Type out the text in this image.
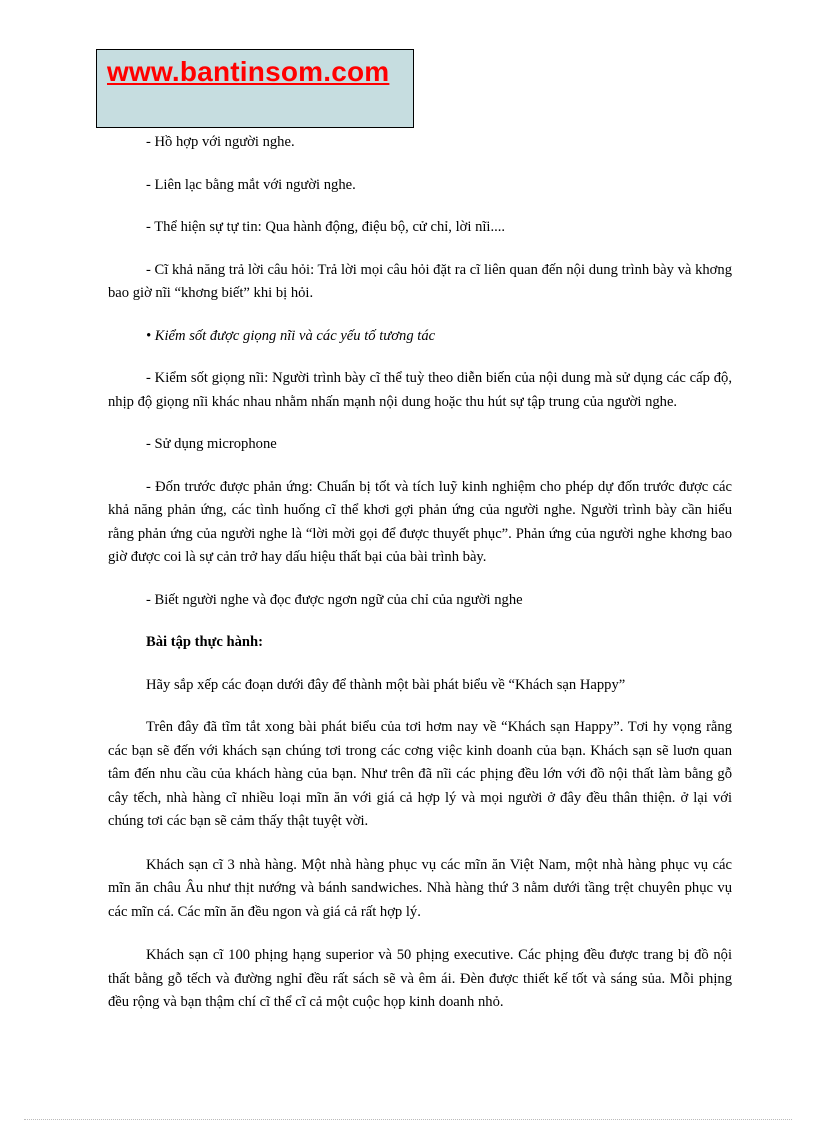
www.bantinsom.com

- Hồ hợp với người nghe.

- Liên lạc bằng mắt với người nghe.

- Thể hiện sự tự tin: Qua hành động, điệu bộ, cử chỉ, lời nĩi....

- Cĩ khả năng trả lời câu hỏi: Trả lời mọi câu hỏi đặt ra cĩ liên quan đến nội dung trình bày và khơng bao giờ nĩi “khơng biết” khi bị hỏi.

• Kiểm sốt được giọng nĩi và các yếu tố tương tác

- Kiểm sốt giọng nĩi: Người trình bày cĩ thể tuỳ theo diễn biến của nội dung mà sử dụng các cấp độ, nhịp độ giọng nĩi khác nhau nhằm nhấn mạnh nội dung hoặc thu hút sự tập trung của người nghe.

- Sử dụng microphone

- Đốn trước được phản ứng: Chuẩn bị tốt và tích luỹ kinh nghiệm cho phép dự đốn trước được các khả năng phản ứng, các tình huống cĩ thể khơi gợi phản ứng của người nghe. Người trình bày cần hiểu rằng phản ứng của người nghe là “lời mời gọi để được thuyết phục”. Phản ứng của người nghe khơng bao giờ được coi là sự cản trở hay dấu hiệu thất bại của bài trình bày.

- Biết người nghe và đọc được ngơn ngữ của chỉ của người nghe

Bài tập thực hành:

Hãy sắp xếp các đoạn dưới đây để thành một bài phát biểu về “Khách sạn Happy”

Trên đây đã tĩm tắt xong bài phát biểu của tơi hơm nay về “Khách sạn Happy”. Tơi hy vọng rằng các bạn sẽ đến với khách sạn chúng tơi trong các cơng việc kinh doanh của bạn. Khách sạn sẽ luơn quan tâm đến nhu cầu của khách hàng của bạn. Như trên đã nĩi các phịng đều lớn với đồ nội thất làm bằng gỗ cây tếch, nhà hàng cĩ nhiều loại mĩn ăn với giá cả hợp lý và mọi người ở đây đều thân thiện. ở lại với chúng tơi các bạn sẽ cảm thấy thật tuyệt vời.

Khách sạn cĩ 3 nhà hàng. Một nhà hàng phục vụ các mĩn ăn Việt Nam, một nhà hàng phục vụ các mĩn ăn châu Âu như thịt nướng và bánh sandwiches. Nhà hàng thứ 3 nằm dưới tầng trệt chuyên phục vụ các mĩn cá. Các mĩn ăn đều ngon và giá cả rất hợp lý.

Khách sạn cĩ 100 phịng hạng superior và 50 phịng executive. Các phịng đều được trang bị đồ nội thất bằng gỗ tếch và đường nghỉ đều rất sách sẽ và êm ái. Đèn được thiết kế tốt và sáng sủa. Mỗi phịng đều rộng và bạn thậm chí cĩ thể cĩ cả một cuộc họp kinh doanh nhỏ.
